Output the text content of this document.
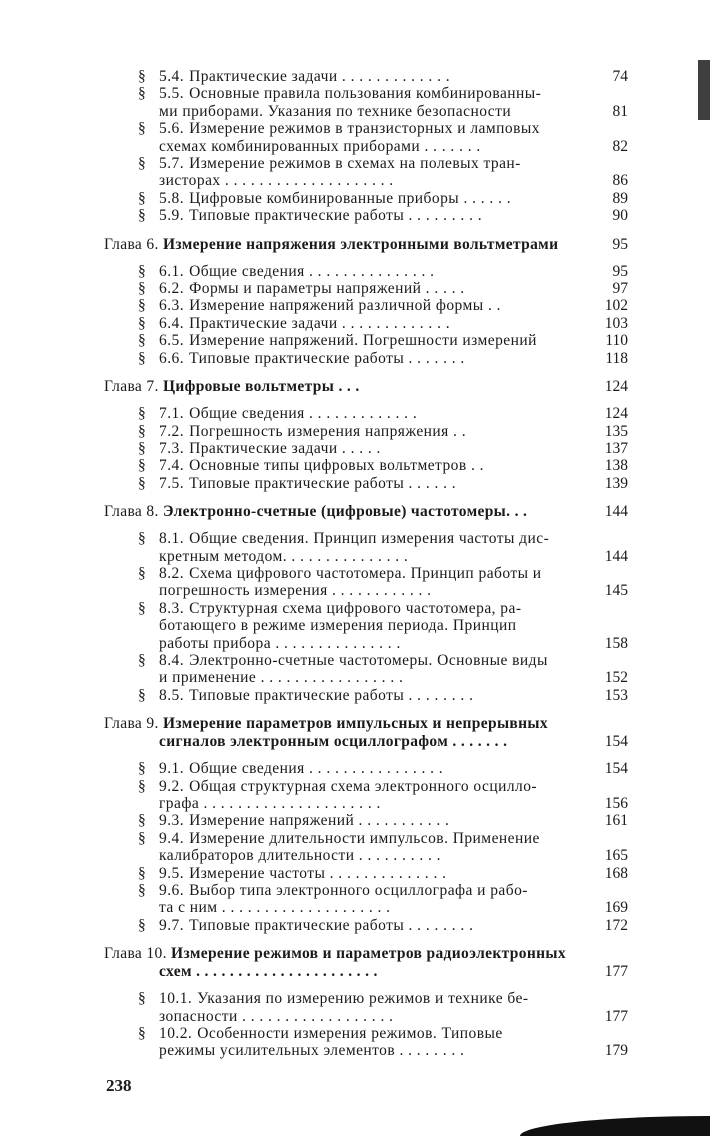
§ 5.4. Практические задачи . . . . . . . . . . . . .	74
§ 5.5. Основные правила пользования комбинированны-
ми приборами. Указания по технике безопасности	81
§ 5.6. Измерение режимов в транзисторных и ламповых
схемах комбинированных приборами . . . . . . .	82
§ 5.7. Измерение режимов в схемах на полевых тран-
зисторах . . . . . . . . . . . . . . . . . . . .	86
§ 5.8. Цифровые комбинированные приборы . . . . . .	89
§ 5.9. Типовые практические работы . . . . . . . . .	90
Глава 6. Измерение напряжения электронными вольтметрами	95
§ 6.1. Общие сведения . . . . . . . . . . . . . . .	95
§ 6.2. Формы и параметры напряжений . . . . .	97
§ 6.3. Измерение напряжений различной формы . .	102
§ 6.4. Практические задачи . . . . . . . . . . . . .	103
§ 6.5. Измерение напряжений. Погрешности измерений	110
§ 6.6. Типовые практические работы . . . . . . .	118
Глава 7. Цифровые вольтметры . . .	124
§ 7.1. Общие сведения . . . . . . . . . . . . .	124
§ 7.2. Погрешность измерения напряжения . .	135
§ 7.3. Практические задачи . . . . .	137
§ 7.4. Основные типы цифровых вольтметров . .	138
§ 7.5. Типовые практические работы . . . . . .	139
Глава 8. Электронно-счетные (цифровые) частотомеры. . .	144
§ 8.1. Общие сведения. Принцип измерения частоты дис-
кретным методом. . . . . . . . . . . . . . .	144
§ 8.2. Схема цифрового частотомера. Принцип работы и
погрешность измерения . . . . . . . . . . . .	145
§ 8.3. Структурная схема цифрового частотомера, ра-
ботающего в режиме измерения периода. Принцип
работы прибора . . . . . . . . . . . . . . .	158
§ 8.4. Электронно-счетные частотомеры. Основные виды
и применение . . . . . . . . . . . . . . . . .	152
§ 8.5. Типовые практические работы . . . . . . . .	153
Глава 9. Измерение параметров импульсных и непрерывных
сигналов электронным осциллографом . . . . . . .	154
§ 9.1. Общие сведения . . . . . . . . . . . . . . . .	154
§ 9.2. Общая структурная схема электронного осцилло-
графа . . . . . . . . . . . . . . . . . . . . .	156
§ 9.3. Измерение напряжений . . . . . . . . . . .	161
§ 9.4. Измерение длительности импульсов. Применение
калибраторов длительности . . . . . . . . . .	165
§ 9.5. Измерение частоты . . . . . . . . . . . . . .	168
§ 9.6. Выбор типа электронного осциллографа и рабо-
та с ним . . . . . . . . . . . . . . . . . . . .	169
§ 9.7. Типовые практические работы . . . . . . . .	172
Глава 10. Измерение режимов и параметров радиоэлектронных
схем . . . . . . . . . . . . . . . . . . . . . .	177
§ 10.1. Указания по измерению режимов и технике бе-
зопасности . . . . . . . . . . . . . . . . . .	177
§ 10.2. Особенности измерения режимов. Типовые
режимы усилительных элементов . . . . . . . .	179
238
